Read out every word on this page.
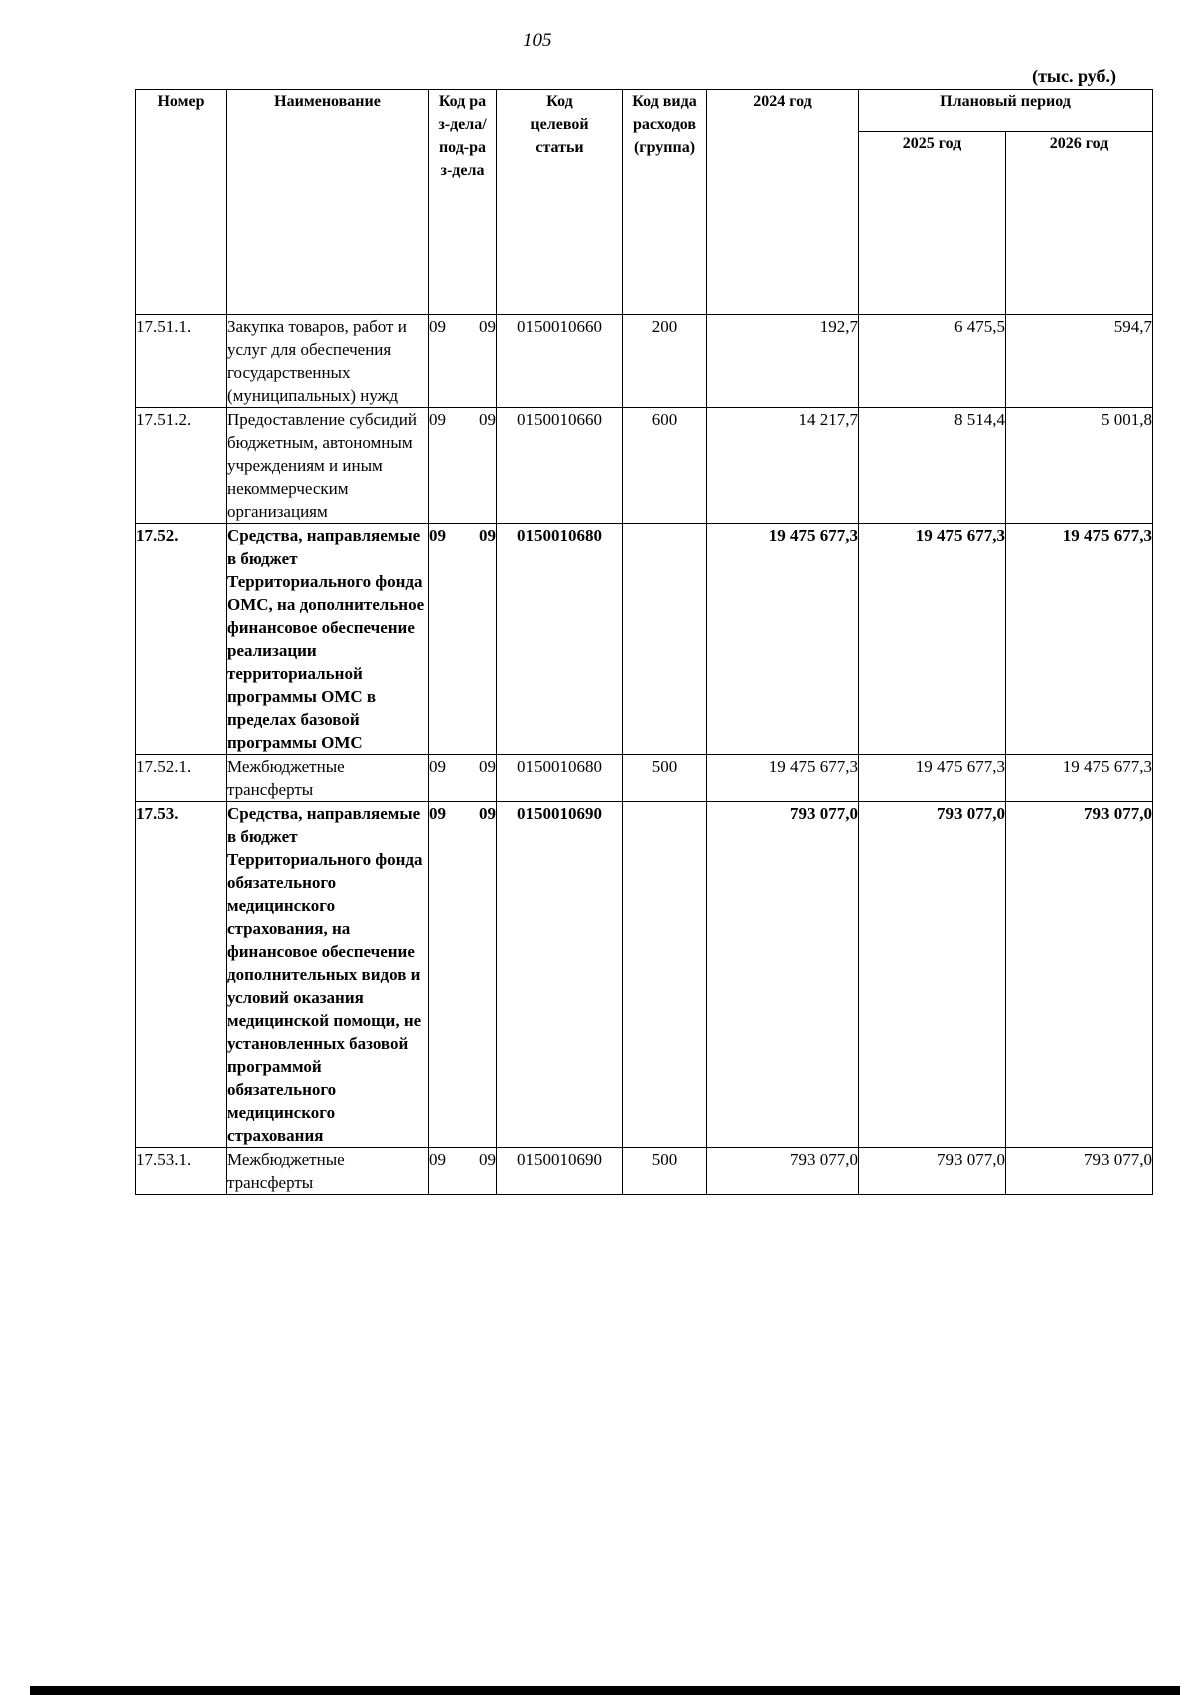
105
(тыс. руб.)
Номер	Наименование	Код раз-дела/ под-раз-дела	Код целевой статьи	Код вида расходов (группа)	2024 год	Плановый период	
						2025 год	2026 год
17.51.1.	Закупка товаров, работ и услуг для обеспечения государственных (муниципальных) нужд	09 09	0150010660	200	192,7	6 475,5	594,7
17.51.2.	Предоставление субсидий бюджетным, автономным учреждениям и иным некоммерческим организациям	09 09	0150010660	600	14 217,7	8 514,4	5 001,8
17.52.	Средства, направляемые в бюджет Территориального фонда ОМС, на дополнительное финансовое обеспечение реализации территориальной программы ОМС в пределах базовой программы ОМС	09 09	0150010680		19 475 677,3	19 475 677,3	19 475 677,3
17.52.1.	Межбюджетные трансферты	09 09	0150010680	500	19 475 677,3	19 475 677,3	19 475 677,3
17.53.	Средства, направляемые в бюджет Территориального фонда обязательного медицинского страхования, на финансовое обеспечение дополнительных видов и условий оказания медицинской помощи, не установленных базовой программой обязательного медицинского страхования	09 09	0150010690		793 077,0	793 077,0	793 077,0
17.53.1.	Межбюджетные трансферты	09 09	0150010690	500	793 077,0	793 077,0	793 077,0
